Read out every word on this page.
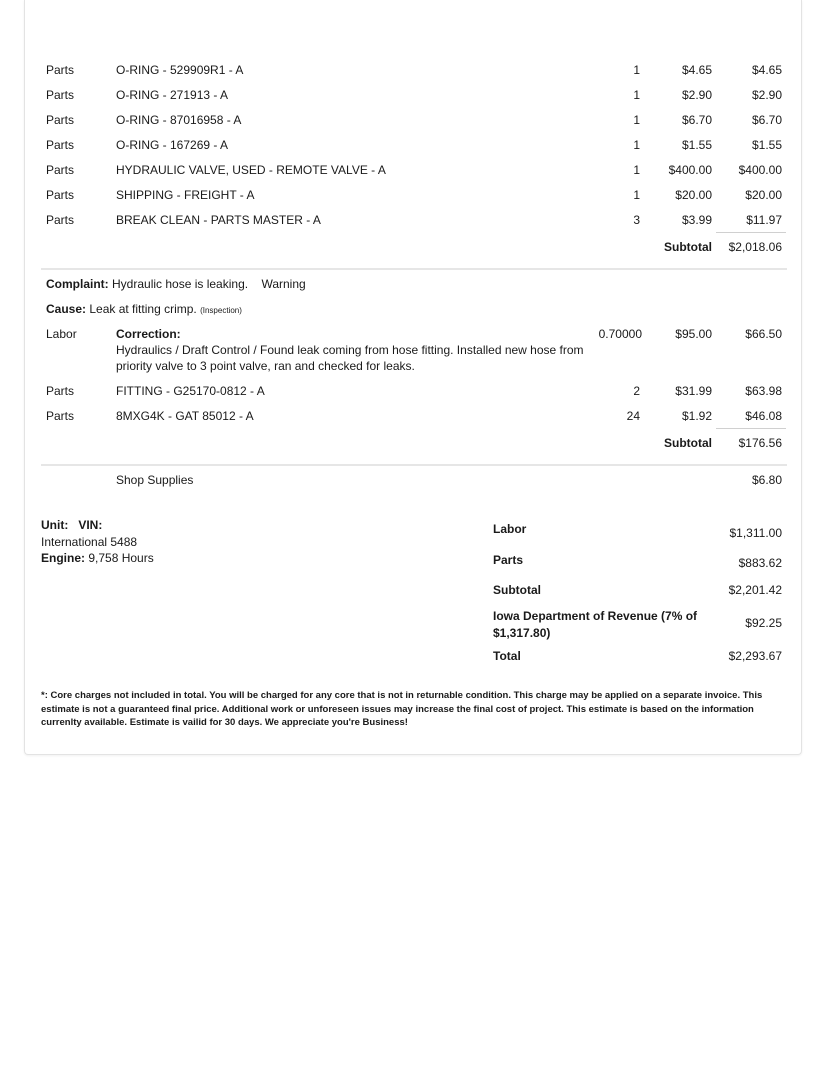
Parts	O-RING - 529909R1 - A	1	$4.65	$4.65
Parts	O-RING - 271913 - A	1	$2.90	$2.90
Parts	O-RING - 87016958 - A	1	$6.70	$6.70
Parts	O-RING - 167269 - A	1	$1.55	$1.55
Parts	HYDRAULIC VALVE, USED - REMOTE VALVE - A	1 $400.00 $400.00
Parts	SHIPPING - FREIGHT - A	1	$20.00	$20.00
Parts	BREAK CLEAN - PARTS MASTER - A	3	$3.99	$11.97
Subtotal $2,018.06
Complaint: Hydraulic hose is leaking. Warning
Cause: Leak at fitting crimp. (Inspection)
Labor	Correction:	0.70000	$95.00	$66.50
Hydraulics / Draft Control / Found leak coming from hose fitting. Installed new hose from priority valve to 3 point valve, ran and checked for leaks.
Parts	FITTING - G25170-0812 - A	2	$31.99	$63.98
Parts	8MXG4K - GAT 85012 - A	24	$1.92	$46.08
Subtotal $176.56
Shop Supplies	$6.80
Unit: VIN:
International 5488
Engine: 9,758 Hours
Labor	$1,311.00
Parts	$883.62
Subtotal	$2,201.42
Iowa Department of Revenue (7% of
$1,317.80)
$92.25
Total	$2,293.67
*: Core charges not included in total. You will be charged for any core that is not in returnable condition. This charge may be applied on a separate invoice. This estimate is not a guaranteed final price. Additional work or unforeseen issues may increase the final cost of project. This estimate is based on the information currenlty available. Estimate is vailid for 30 days. We appreciate you're Business!
